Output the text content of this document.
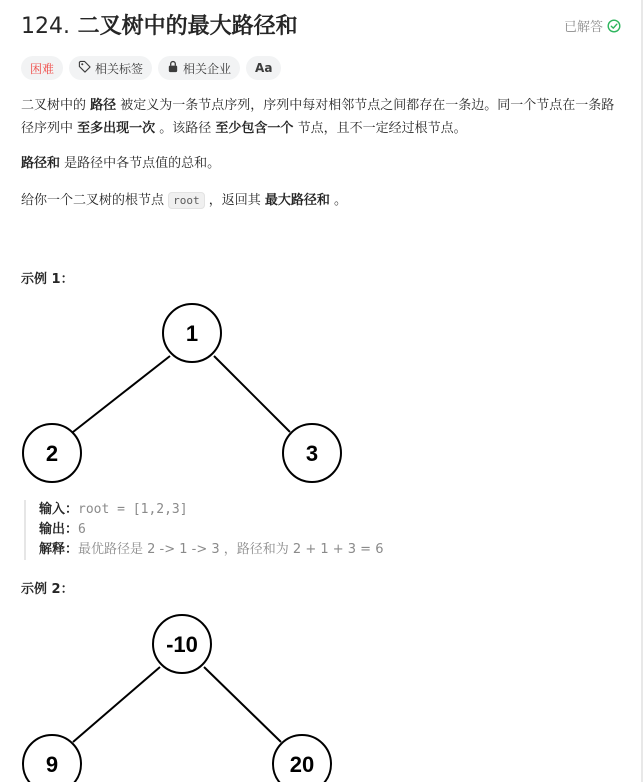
124. 二叉树中的最大路径和	已解答
困难	相关标签	相关企业 Aa

二叉树中的 路径 被定义为一条节点序列，序列中每对相邻节点之间都存在一条边。同一个节点在一条路径序列中 至多出现一次 。该路径 至少包含一个 节点，且不一定经过根节点。

路径和 是路径中各节点值的总和。

给你一个二叉树的根节点 root ，返回其 最大路径和 。

示例 1：
1
2	3
输入：root = [1,2,3]
输出：6
解释：最优路径是 2 -> 1 -> 3 ，路径和为 2 + 1 + 3 = 6
示例 2：
-10
9	20
